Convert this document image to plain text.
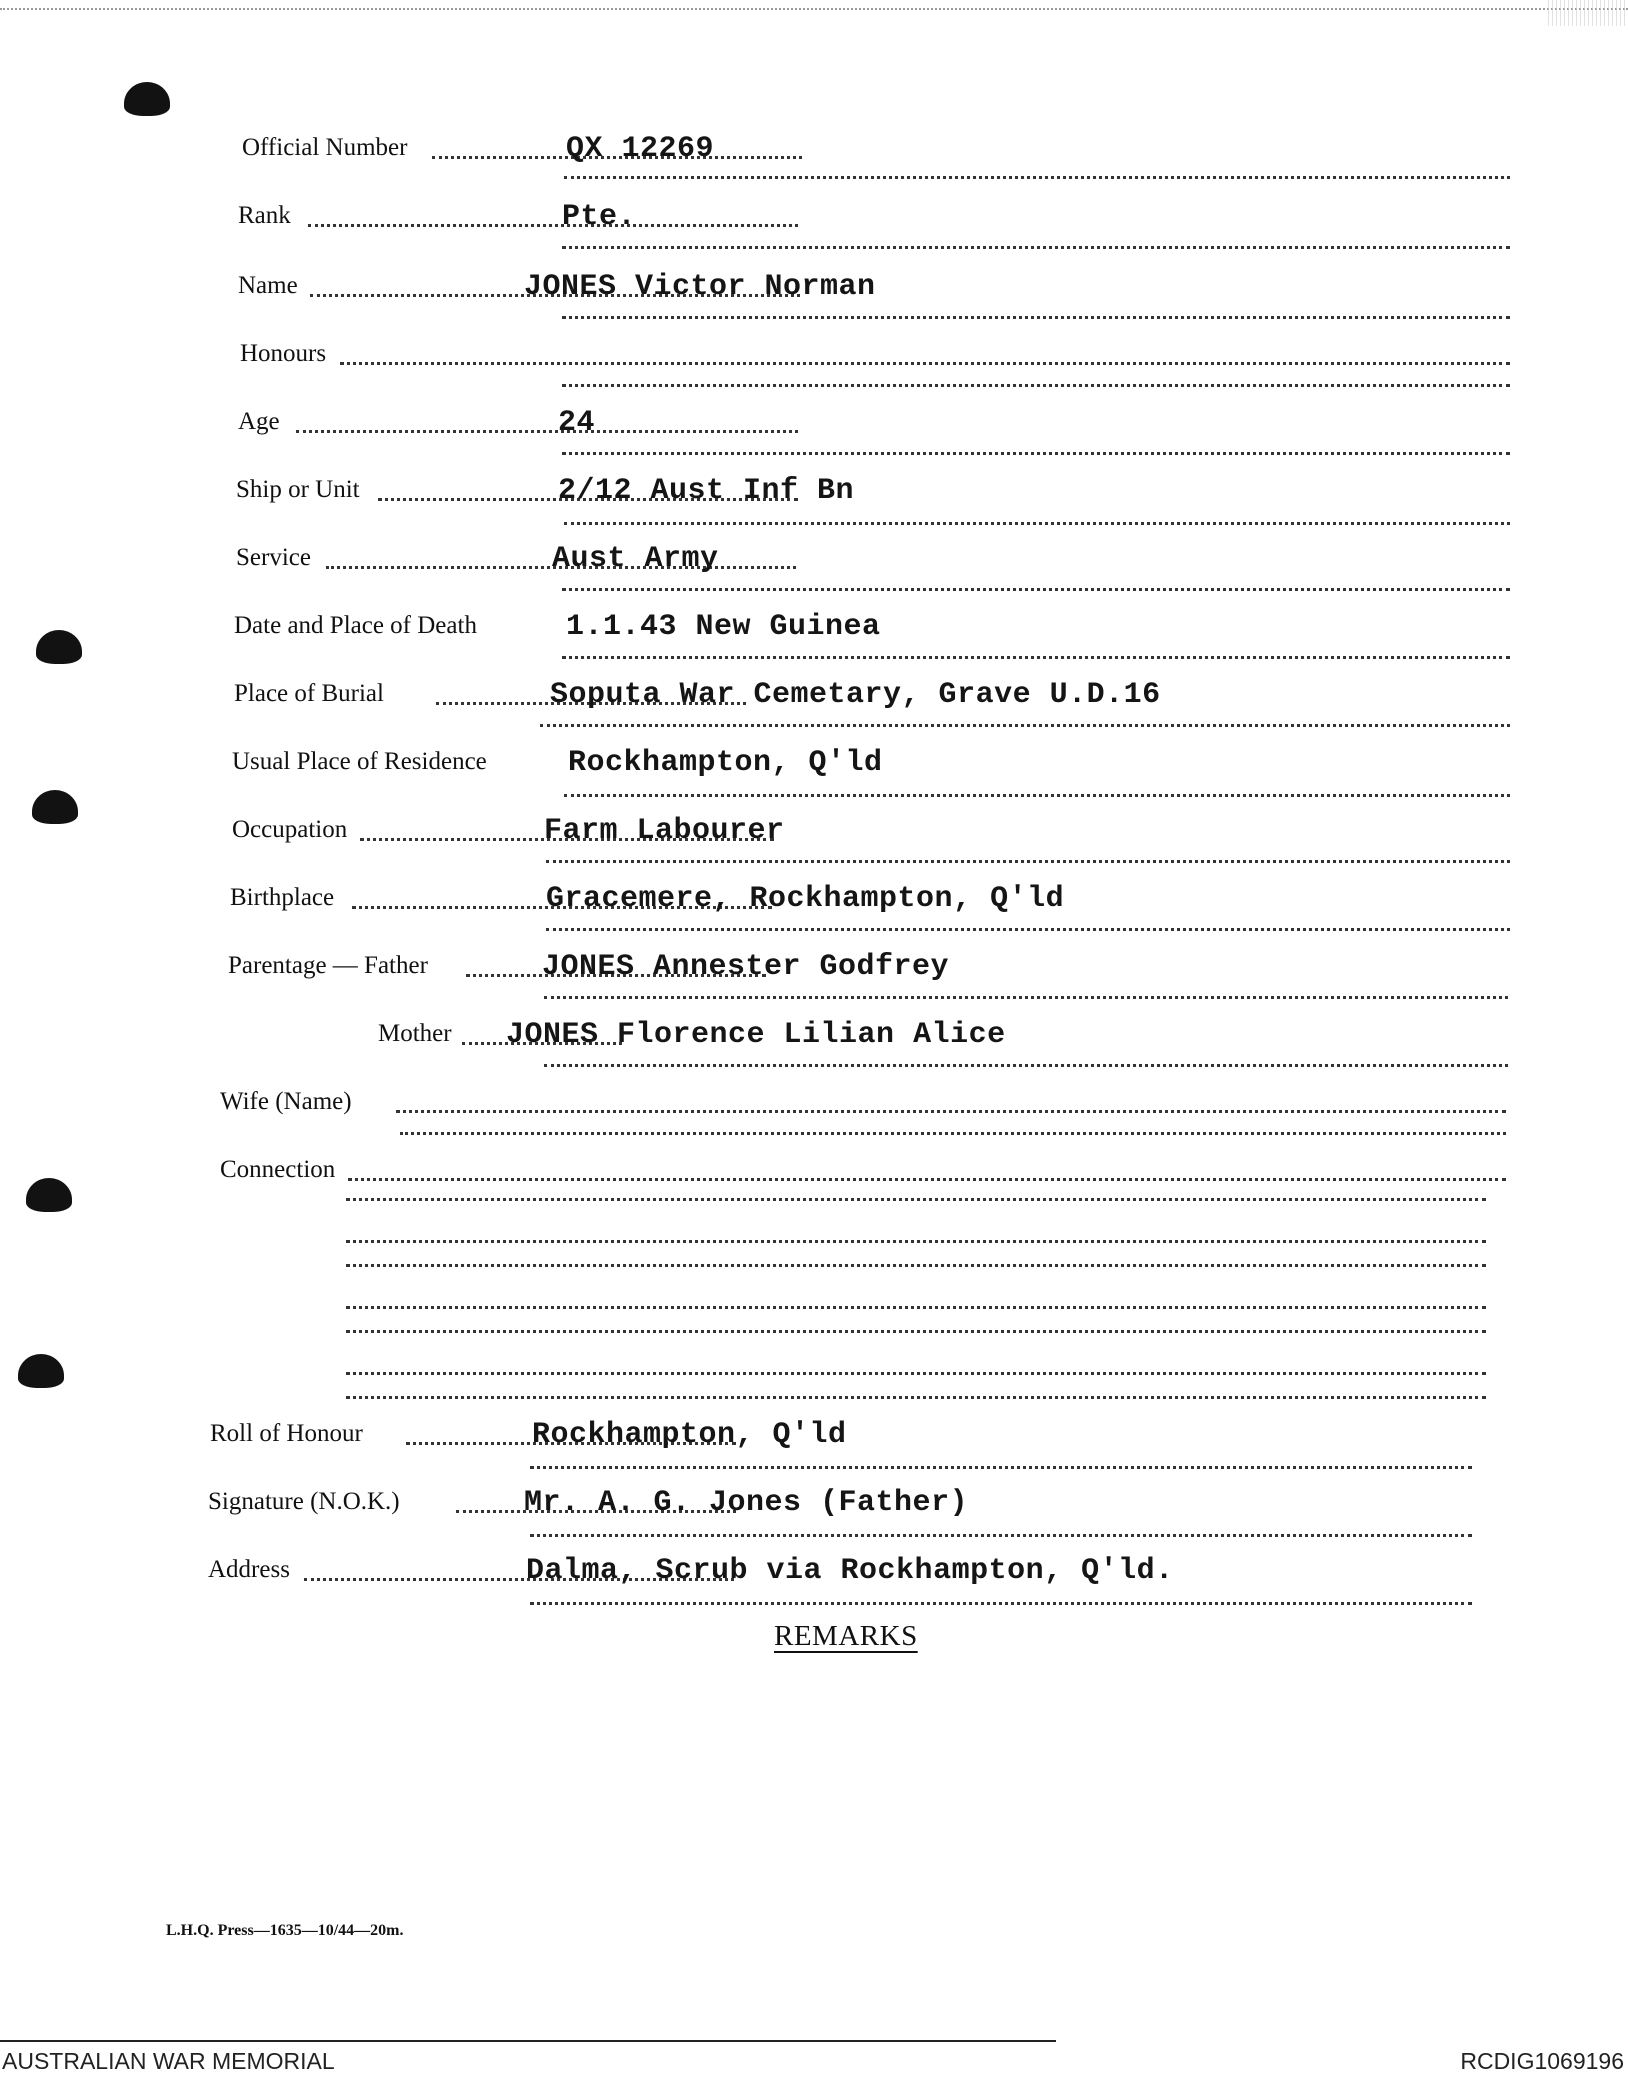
Official Number	QX 12269
Rank	Pte.
Name	JONES Victor Norman
Honours
Age	24
Ship or Unit	2/12 Aust Inf Bn
Service	Aust Army
Date and Place of Death	1.1.43 New Guinea
Place of Burial	Soputa War Cemetary, Grave U.D.16
Usual Place of Residence	Rockhampton, Q'ld
Occupation	Farm Labourer
Birthplace	Gracemere, Rockhampton, Q'ld
Parentage — Father	JONES Annester Godfrey
Mother JONES Florence Lilian Alice
Wife (Name)
Connection
Roll of Honour	Rockhampton, Q'ld
Signature (N.O.K.)	Mr. A. G. Jones (Father)
Address	Dalma, Scrub via Rockhampton, Q'ld.
REMARKS
L.H.Q. Press—1635—10/44—20m.
AUSTRALIAN WAR MEMORIAL	RCDIG1069196
